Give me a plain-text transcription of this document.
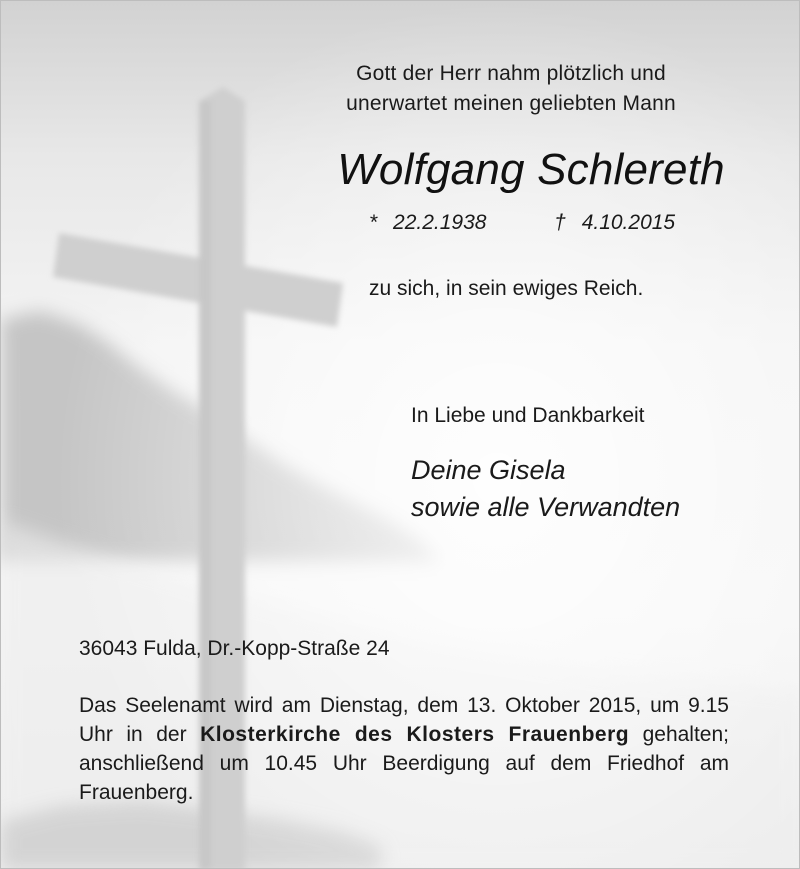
Gott der Herr nahm plötzlich und
unerwartet meinen geliebten Mann
Wolfgang Schlereth
* 22.2.1938	† 4.10.2015
zu sich, in sein ewiges Reich.
In Liebe und Dankbarkeit
Deine Gisela
sowie alle Verwandten
36043 Fulda, Dr.-Kopp-Straße 24
Das Seelenamt wird am Dienstag, dem 13. Oktober 2015, um 9.15 Uhr in der Klosterkirche des Klosters Frauenberg gehalten; anschließend um 10.45 Uhr Beerdigung auf dem Friedhof am Frauenberg.
